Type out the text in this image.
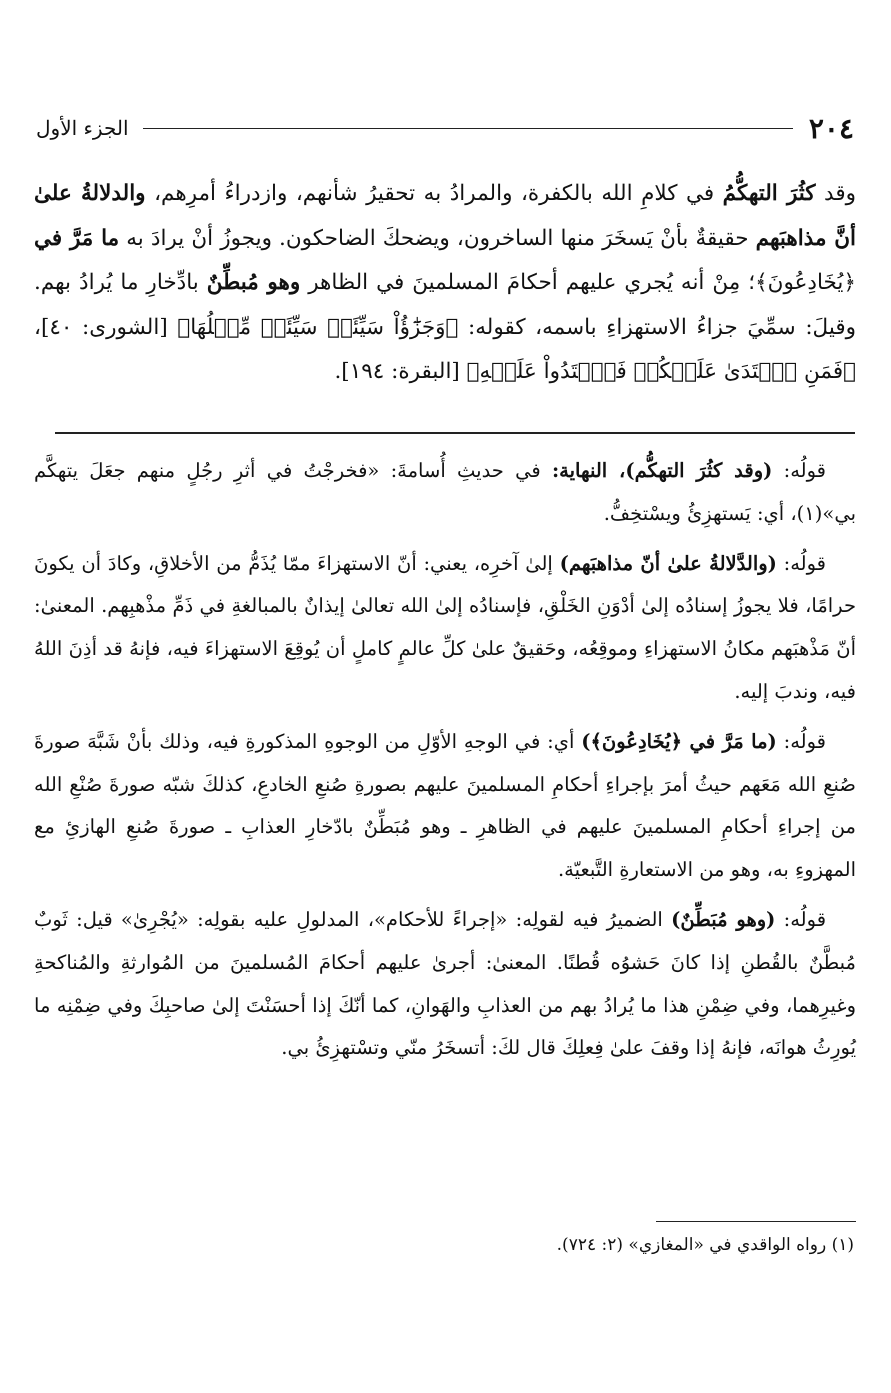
٢٠٤
الجزء الأول

وقد كثُرَ التهكُّمُ في كلامِ الله بالكفرة، والمرادُ به تحقيرُ شأنهم، وازدراءُ أمرِهم، والدلالةُ علىٰ أنَّ مذاهبَهم حقيقةٌ بأنْ يَسخَرَ منها الساخرون، ويضحكَ الضاحكون. ويجوزُ أنْ يرادَ به ما مَرَّ في ﴿يُخَادِعُونَ﴾؛ مِنْ أنه يُجري عليهم أحكامَ المسلمينَ في الظاهر وهو مُبطِّنٌ بادِّخارِ ما يُرادُ بهم. وقيلَ: سمِّيَ جزاءُ الاستهزاءِ باسمه، كقوله: ﴿وَجَزَٰٓؤُاْ سَيِّئَةٖ سَيِّئَةٞ مِّثۡلُهَا﴾ [الشورى: ٤٠]، ﴿فَمَنِ ٱعۡتَدَىٰ عَلَيۡكُمۡ فَٱعۡتَدُواْ عَلَيۡهِ﴾ [البقرة: ١٩٤].

قولُه: (وقد كثُرَ التهكُّم)، النهاية: في حديثِ أُسامةَ: «فخرجْتُ في أثرِ رجُلٍ منهم جعَلَ يتهكَّم بي»(١)، أي: يَستهزِئُ ويسْتخِفُّ.

قولُه: (والدَّلالةُ علىٰ أنّ مذاهبَهم) إلىٰ آخرِه، يعني: أنّ الاستهزاءَ ممّا يُذَمُّ من الأخلاقِ، وكادَ أن يكونَ حرامًا، فلا يجوزُ إسنادُه إلىٰ أدْوَنِ الخَلْقِ، فإسنادُه إلىٰ الله تعالىٰ إيذانٌ بالمبالغةِ في ذَمِّ مذْهبِهم. المعنىٰ: أنّ مَذْهبَهم مكانُ الاستهزاءِ وموقِعُه، وحَقيقٌ علىٰ كلِّ عالمٍ كاملٍ أن يُوقِعَ الاستهزاءَ فيه، فإنهُ قد أذِنَ اللهُ فيه، وندبَ إليه.

قولُه: (ما مَرَّ في ﴿يُخَادِعُونَ﴾) أي: في الوجهِ الأوّلِ من الوجوهِ المذكورةِ فيه، وذلك بأنْ شَبَّهَ صورةَ صُنعِ الله مَعَهم حيثُ أمرَ بإجراءِ أحكامِ المسلمينَ عليهم بصورةِ صُنعِ الخادعِ، كذلكَ شبّه صورةَ صُنْعِ الله من إجراءِ أحكامِ المسلمينَ عليهم في الظاهرِ ـ وهو مُبَطِّنٌ بادّخارِ العذابِ ـ صورةَ صُنعِ الهازئِ مع المهزوءِ به، وهو من الاستعارةِ التَّبعيّة.

قولُه: (وهو مُبَطِّنٌ) الضميرُ فيه لقولِه: «إجراءً للأحكام»، المدلولِ عليه بقولِه: «يُجْرِىٰ» قيل: ثَوبٌ مُبطَّنٌ بالقُطنِ إذا كانَ حَشوُه قُطنًا. المعنىٰ: أجرىٰ عليهم أحكامَ المُسلمينَ من المُوارثةِ والمُناكحةِ وغيرِهما، وفي ضِمْنِ هذا ما يُرادُ بهم من العذابِ والهَوانِ، كما أنّكَ إذا أحسَنْتَ إلىٰ صاحبِكَ وفي ضِمْنِه ما يُورِثُ هوانَه، فإنهُ إذا وقفَ علىٰ فِعلِكَ قال لكَ: أتسخَرُ منّي وتسْتهزِئُ بي.

(١) رواه الواقدي في «المغازي» (٢: ٧٢٤).
